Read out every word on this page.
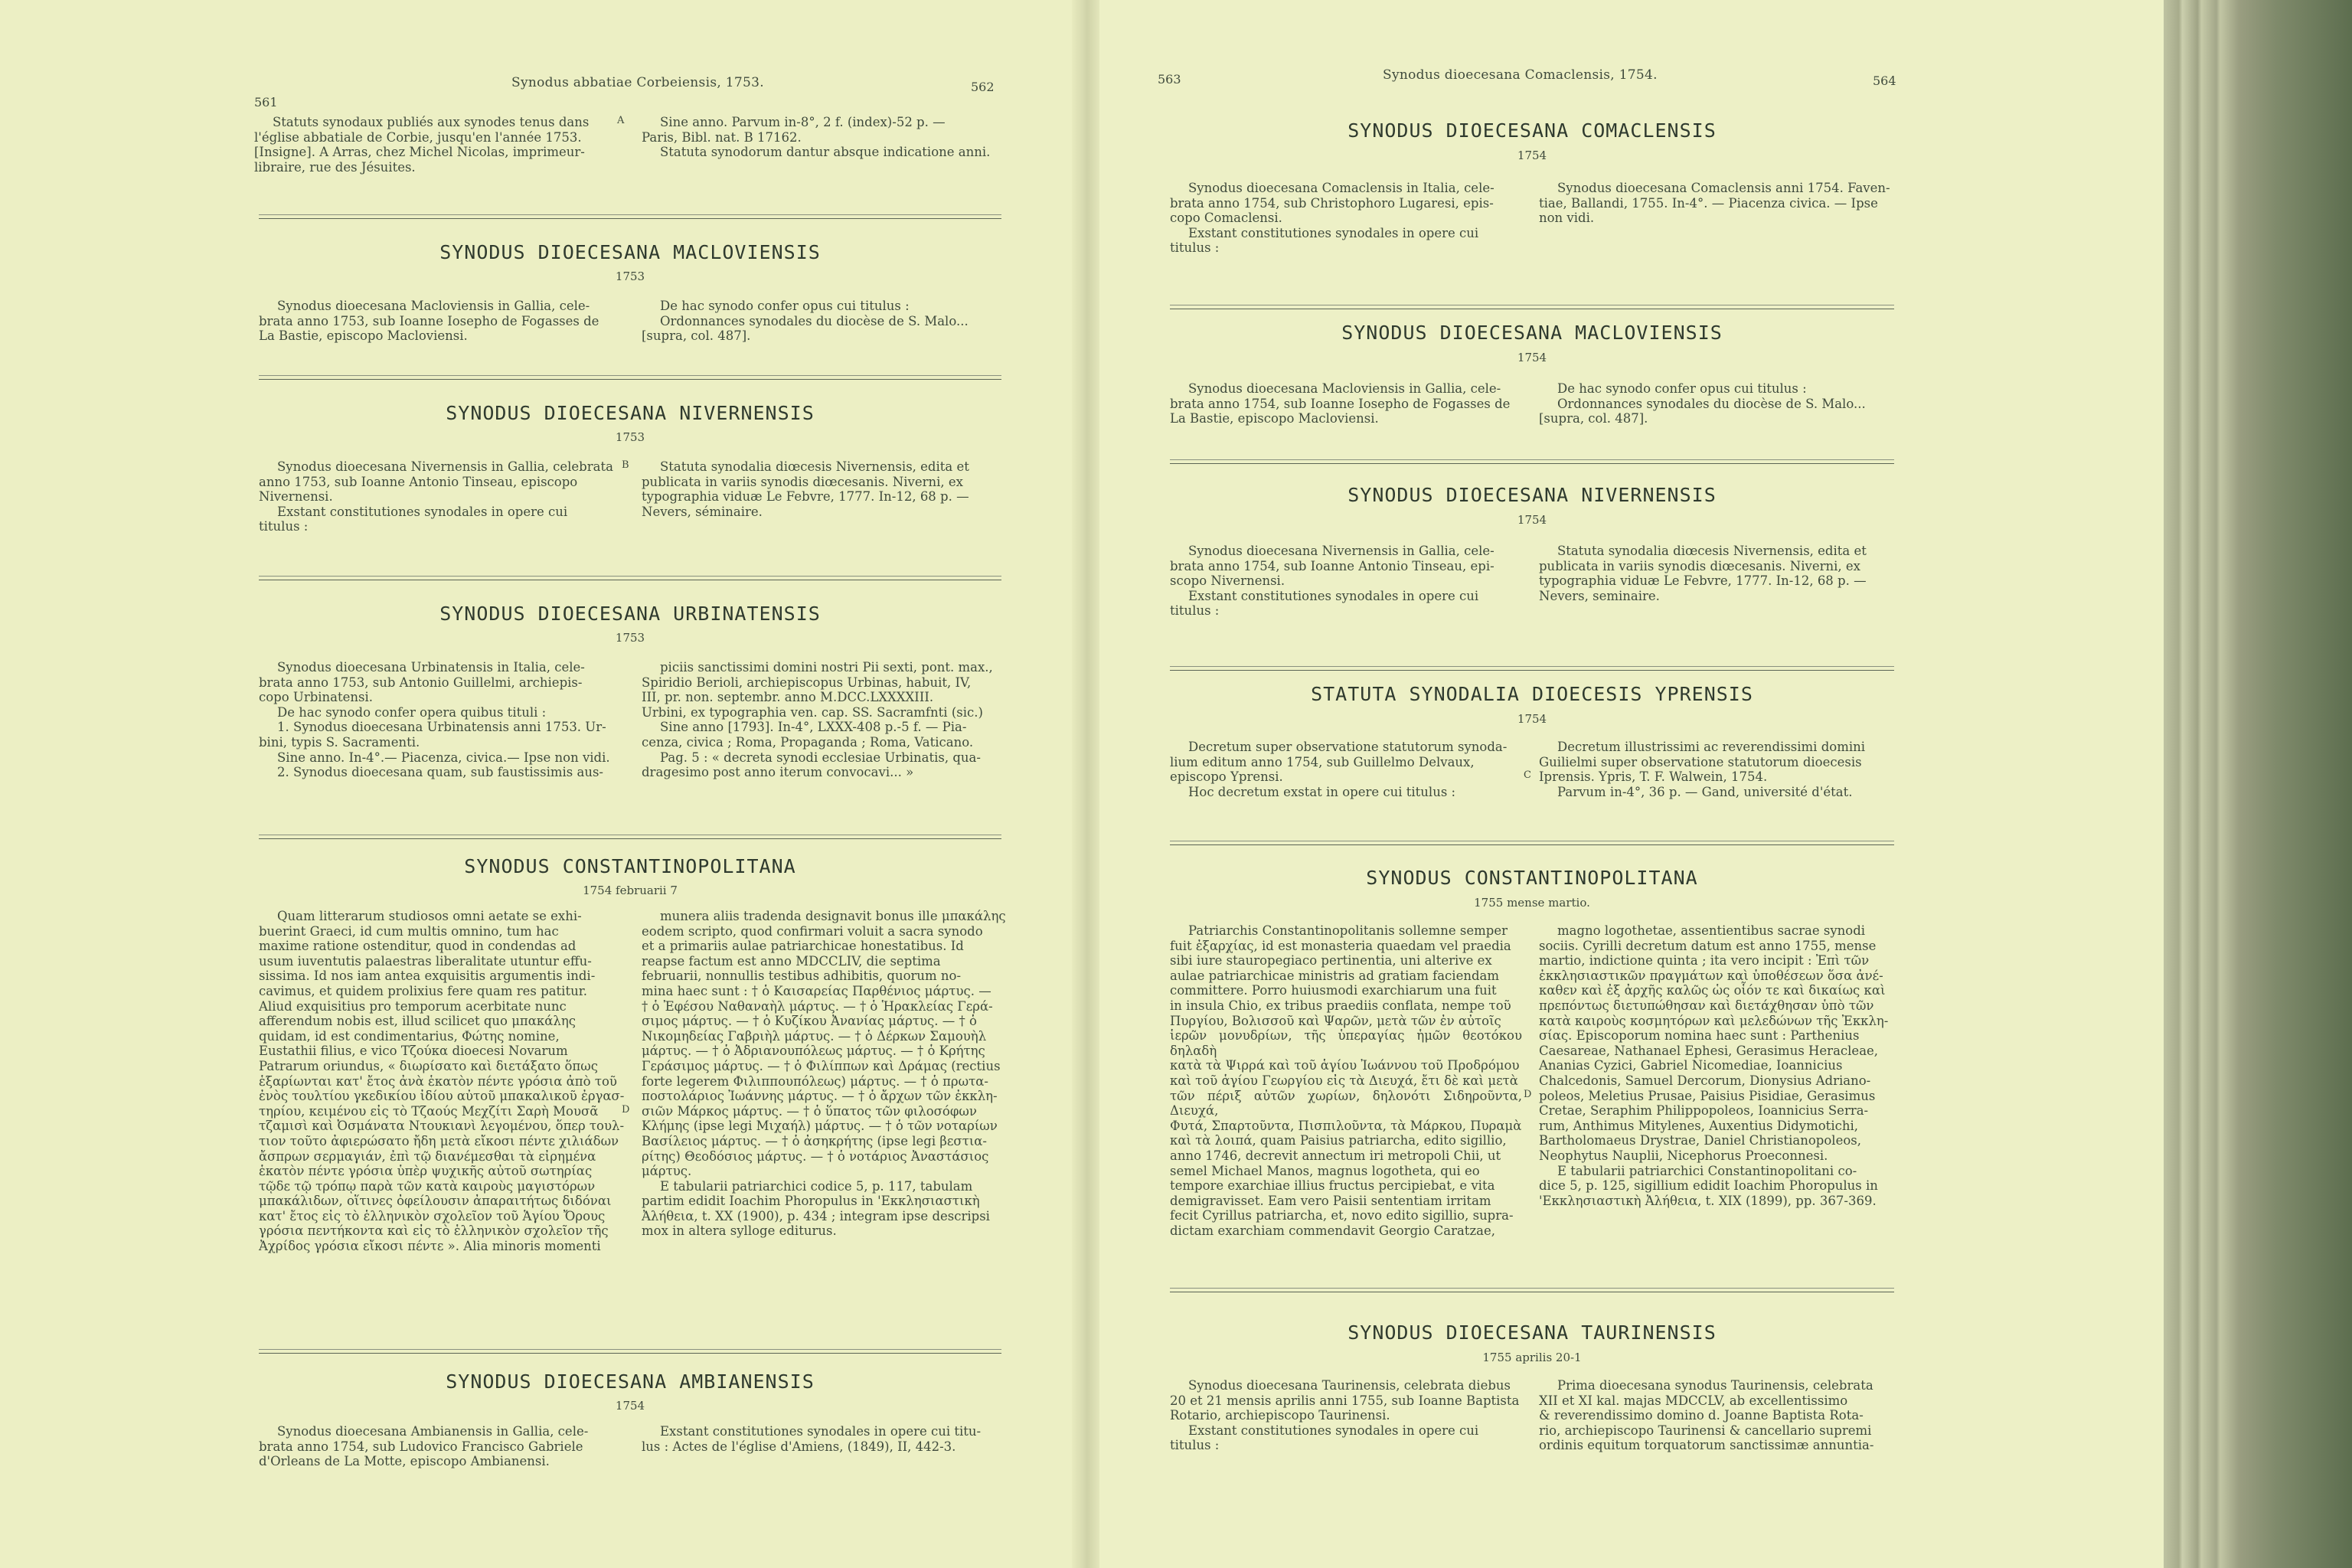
561
562
Synodus abbatiae Corbeiensis, 1753.

Statuts synodaux publiés aux synodes tenus dans

l'église abbatiale de Corbie, jusqu'en l'année 1753.

[Insigne]. A Arras, chez Michel Nicolas, imprimeur-

libraire, rue des Jésuites.

A	Sine anno. Parvum in-8°, 2 f. (index)-52 p. —

Paris, Bibl. nat. B 17162.

Statuta synodorum dantur absque indicatione anni.

SYNODUS DIOECESANA MACLOVIENSIS
1753

Synodus dioecesana Macloviensis in Gallia, cele-

brata anno 1753, sub Ioanne Iosepho de Fogasses de

La Bastie, episcopo Macloviensi.

De hac synodo confer opus cui titulus :

Ordonnances synodales du diocèse de S. Malo...

[supra, col. 487].

SYNODUS DIOECESANA NIVERNENSIS
1753

Synodus dioecesana Nivernensis in Gallia, celebrata

anno 1753, sub Ioanne Antonio Tinseau, episcopo

Nivernensi.

Exstant constitutiones synodales in opere cui

titulus :

Statuta synodalia diœcesis Nivernensis, edita et

publicata in variis synodis diœcesanis. Niverni, ex

typographia viduæ Le Febvre, 1777. In-12, 68 p. —

Nevers, séminaire.

B
SYNODUS DIOECESANA URBINATENSIS
1753

Synodus dioecesana Urbinatensis in Italia, cele-

brata anno 1753, sub Antonio Guillelmi, archiepis-

copo Urbinatensi.

De hac synodo confer opera quibus tituli :

1. Synodus dioecesana Urbinatensis anni 1753. Ur-

bini, typis S. Sacramenti.

Sine anno. In-4°.— Piacenza, civica.— Ipse non vidi.

2. Synodus dioecesana quam, sub faustissimis aus-

piciis sanctissimi domini nostri Pii sexti, pont. max.,

Spiridio Berioli, archiepiscopus Urbinas, habuit, IV,

III, pr. non. septembr. anno M.DCC.LXXXXIII.

Urbini, ex typographia ven. cap. SS. Sacramfnti (sic.)

Sine anno [1793]. In-4°, LXXX-408 p.-5 f. — Pia-

cenza, civica ; Roma, Propaganda ; Roma, Vaticano.

Pag. 5 : « decreta synodi ecclesiae Urbinatis, qua-

dragesimo post anno iterum convocavi... »

SYNODUS CONSTANTINOPOLITANA
1754 februarii 7

Quam litterarum studiosos omni aetate se exhi-

buerint Graeci, id cum multis omnino, tum hac

maxime ratione ostenditur, quod in condendas ad

usum iuventutis palaestras liberalitate utuntur effu-

sissima. Id nos iam antea exquisitis argumentis indi-

cavimus, et quidem prolixius fere quam res patitur.

Aliud exquisitius pro temporum acerbitate nunc

afferendum nobis est, illud scilicet quo μπακάλης

quidam, id est condimentarius, Φώτης nomine,

Eustathii filius, e vico Τζούκα dioecesi Novarum

Patrarum oriundus, « διωρίσατο καὶ διετάξατο ὅπως

ἑξαρίωνται κατ' ἔτος ἀνὰ ἑκατὸν πέντε γρόσια ἀπὸ τοῦ

ἐνὸς τουλτίου γκεδικίου ἰδίου αὐτοῦ μπακαλικοῦ ἐργασ-

τηρίου, κειμένου εἰς τὸ Τζαούς Μεχζίτι Σαρὴ Μουσᾶ

τζαμισὶ καὶ Ὀσμάνατα Ντουκιανὶ λεγομένου, ὅπερ τουλ-

τιον τοῦτο ἀφιερώσατο ἤδη μετὰ εἴκοσι πέντε χιλιάδων

ἄσπρων σερμαγιάν, ἐπὶ τῷ διανέμεσθαι τὰ εἰρημένα

ἑκατὸν πέντε γρόσια ὑπὲρ ψυχικῆς αὐτοῦ σωτηρίας

τῷδε τῷ τρόπῳ παρὰ τῶν κατὰ καιροὺς μαγιστόρων

μπακάλιδων, οἵτινες ὀφείλουσιν ἀπαραιτήτως διδόναι

κατ' ἔτος εἰς τὸ ἑλληνικὸν σχολεῖον τοῦ Ἁγίου Ὄρους

γρόσια πεντήκοντα καὶ εἰς τὸ ἑλληνικὸν σχολεῖον τῆς

Ἀχρίδος γρόσια εἴκοσι πέντε ». Alia minoris momenti

munera aliis tradenda designavit bonus ille μπακάλης

eodem scripto, quod confirmari voluit a sacra synodo

et a primariis aulae patriarchicae honestatibus. Id

reapse factum est anno MDCCLIV, die septima

februarii, nonnullis testibus adhibitis, quorum no-

mina haec sunt : † ὁ Καισαρείας Παρθένιος μάρτυς. —

† ὁ Ἐφέσου Ναθαναὴλ μάρτυς. — † ὁ Ἡρακλείας Γερά-

σιμος μάρτυς. — † ὁ Κυζίκου Ἀνανίας μάρτυς. — † ὁ

Νικομηδείας Γαβριὴλ μάρτυς. — † ὁ Δέρκων Σαμουὴλ

μάρτυς. — † ὁ Ἀδριανουπόλεως μάρτυς. — † ὁ Κρήτης

Γεράσιμος μάρτυς. — † ὁ Φιλίππων καὶ Δράμας (rectius

forte legerem Φιλιππουπόλεως) μάρτυς. — † ὁ πρωτα-

ποστολάριος Ἰωάννης μάρτυς. — † ὁ ἄρχων τῶν ἐκκλη-

σιῶν Μάρκος μάρτυς. — † ὁ ὕπατος τῶν φιλοσόφων

Κλήμης (ipse legi Μιχαήλ) μάρτυς. — † ὁ τῶν νοταρίων

Βασίλειος μάρτυς. — † ὁ ἀσηκρήτης (ipse legi βεστια-

ρίτης) Θεοδόσιος μάρτυς. — † ὁ νοτάριος Ἀναστάσιος

μάρτυς.

E tabularii patriarchici codice 5, p. 117, tabulam

partim edidit Ioachim Phoropulus in 'Εκκλησιαστικὴ

Ἀλήθεια, t. XX (1900), p. 434 ; integram ipse descripsi

mox in altera sylloge editurus.

D
SYNODUS DIOECESANA AMBIANENSIS
1754

Synodus dioecesana Ambianensis in Gallia, cele-

brata anno 1754, sub Ludovico Francisco Gabriele

d'Orleans de La Motte, episcopo Ambianensi.

Exstant constitutiones synodales in opere cui titu-

lus : Actes de l'église d'Amiens, (1849), II, 442-3.

563	564
Synodus dioecesana Comaclensis, 1754.
SYNODUS DIOECESANA COMACLENSIS
1754

Synodus dioecesana Comaclensis in Italia, cele-

brata anno 1754, sub Christophoro Lugaresi, epis-

copo Comaclensi.

Exstant constitutiones synodales in opere cui

titulus :

Synodus dioecesana Comaclensis anni 1754. Faven-

tiae, Ballandi, 1755. In-4°. — Piacenza civica. — Ipse

non vidi.

SYNODUS DIOECESANA MACLOVIENSIS
1754

Synodus dioecesana Macloviensis in Gallia, cele-

brata anno 1754, sub Ioanne Iosepho de Fogasses de

La Bastie, episcopo Macloviensi.

De hac synodo confer opus cui titulus :

Ordonnances synodales du diocèse de S. Malo...

[supra, col. 487].

SYNODUS DIOECESANA NIVERNENSIS
1754

Synodus dioecesana Nivernensis in Gallia, cele-

brata anno 1754, sub Ioanne Antonio Tinseau, epi-

scopo Nivernensi.

Exstant constitutiones synodales in opere cui

titulus :

Statuta synodalia diœcesis Nivernensis, edita et

publicata in variis synodis diœcesanis. Niverni, ex

typographia viduæ Le Febvre, 1777. In-12, 68 p. —

Nevers, seminaire.

STATUTA SYNODALIA DIOECESIS YPRENSIS
1754

Decretum super observatione statutorum synoda-

lium editum anno 1754, sub Guillelmo Delvaux,

episcopo Yprensi.

Hoc decretum exstat in opere cui titulus :

Decretum illustrissimi ac reverendissimi domini

Guilielmi super observatione statutorum dioecesis

Iprensis. Ypris, T. F. Walwein, 1754.

Parvum in-4°, 36 p. — Gand, université d'état.

C
SYNODUS CONSTANTINOPOLITANA
1755 mense martio.

Patriarchis Constantinopolitanis sollemne semper

fuit ἐξαρχίας, id est monasteria quaedam vel praedia

sibi iure stauropegiaco pertinentia, uni alterive ex

aulae patriarchicae ministris ad gratiam faciendam

committere. Porro huiusmodi exarchiarum una fuit

in insula Chio, ex tribus praediis conflata, nempe τοῦ

Πυργίου, Βολισσοῦ καὶ Ψαρῶν, μετὰ τῶν ἐν αὐτοῖς

ἱερῶν μονυδρίων, τῆς ὑπεραγίας ἡμῶν θεοτόκου δηλαδὴ

κατὰ τὰ Ψιρρά καὶ τοῦ ἁγίου Ἰωάννου τοῦ Προδρόμου

καὶ τοῦ ἁγίου Γεωργίου εἰς τὰ Διευχά, ἔτι δὲ καὶ μετὰ

τῶν πέριξ αὐτῶν χωρίων, δηλονότι Σιδηροῦντα, Διευχά,

Φυτά, Σπαρτοῦντα, Πισπιλοῦντα, τὰ Μάρκου, Πυραμὰ

καὶ τὰ λοιπά, quam Paisius patriarcha, edito sigillio,

anno 1746, decrevit annectum iri metropoli Chii, ut

semel Michael Manos, magnus logothetа, qui eo

tempore exarchiae illius fructus percipiebat, e vita

demigravisset. Eam vero Paisii sententiam irritam

fecit Cyrillus patriarcha, et, novo edito sigillio, supra-

dictam exarchiam commendavit Georgio Caratzae,

magno logothetae, assentientibus sacrae synodi

sociis. Cyrilli decretum datum est anno 1755, mense

martio, indictione quinta ; ita vero incipit : Ἐπὶ τῶν

ἐκκλησιαστικῶν πραγμάτων καὶ ὑποθέσεων ὅσα ἀνέ-

καθεν καὶ ἐξ ἀρχῆς καλῶς ὡς οἷόν τε καὶ δικαίως καὶ

πρεπόντως διετυπώθησαν καὶ διετάχθησαν ὑπὸ τῶν

κατὰ καιροὺς κοσμητόρων καὶ μελεδώνων τῆς Ἐκκλη-

σίας. Episcoporum nomina haec sunt : Parthenius

Caesareae, Nathanael Ephesi, Gerasimus Heracleae,

Ananias Cyzici, Gabriel Nicomediae, Ioannicius

Chalcedonis, Samuel Dercorum, Dionysius Adriano-

poleos, Meletius Prusae, Paisius Pisidiae, Gerasimus

Cretae, Seraphim Philippopoleos, Ioannicius Serra-

rum, Anthimus Mitylenes, Auxentius Didymotichi,

Bartholomaeus Drystrae, Daniel Christianopoleos,

Neophytus Nauplii, Nicephorus Proeconnesi.

E tabularii patriarchici Constantinopolitani co-

dice 5, p. 125, sigillium edidit Ioachim Phoropulus in

'Εκκλησιαστικὴ Ἀλήθεια, t. XIX (1899), pp. 367-369.

D
SYNODUS DIOECESANA TAURINENSIS
1755 aprilis 20-1

Synodus dioecesana Taurinensis, celebrata diebus

20 et 21 mensis aprilis anni 1755, sub Ioanne Baptista

Rotario, archiepiscopo Taurinensi.

Exstant constitutiones synodales in opere cui

titulus :

Prima dioecesana synodus Taurinensis, celebrata

XII et XI kal. majas MDCCLV, ab excellentissimo

& reverendissimo domino d. Joanne Baptista Rota-

rio, archiepiscopo Taurinensi & cancellario supremi

ordinis equitum torquatorum sanctissimæ annuntia-
